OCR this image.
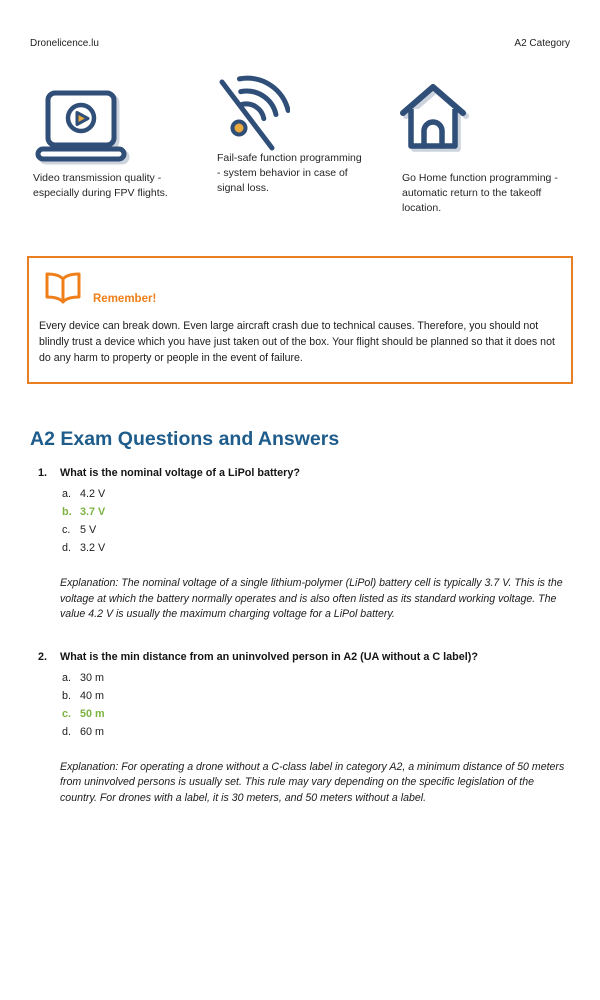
Dronelicence.lu	A2 Category
Video transmission quality - especially during FPV flights.
Fail-safe function programming - system behavior in case of signal loss.
Go Home function programming - automatic return to the takeoff location.
Remember!
Every device can break down. Even large aircraft crash due to technical causes. Therefore, you should not blindly trust a device which you have just taken out of the box. Your flight should be planned so that it does not do any harm to property or people in the event of failure.
A2 Exam Questions and Answers
1.	What is the nominal voltage of a LiPol battery?
a. 4.2 V
b. 3.7 V
c. 5 V
d. 3.2 V
Explanation: The nominal voltage of a single lithium-polymer (LiPol) battery cell is typically 3.7 V. This is the voltage at which the battery normally operates and is also often listed as its standard working voltage. The value 4.2 V is usually the maximum charging voltage for a LiPol battery.
2.	What is the min distance from an uninvolved person in A2 (UA without a C label)?
a. 30 m
b. 40 m
c. 50 m
d. 60 m
Explanation: For operating a drone without a C-class label in category A2, a minimum distance of 50 meters from uninvolved persons is usually set. This rule may vary depending on the specific legislation of the country. For drones with a label, it is 30 meters, and 50 meters without a label.
